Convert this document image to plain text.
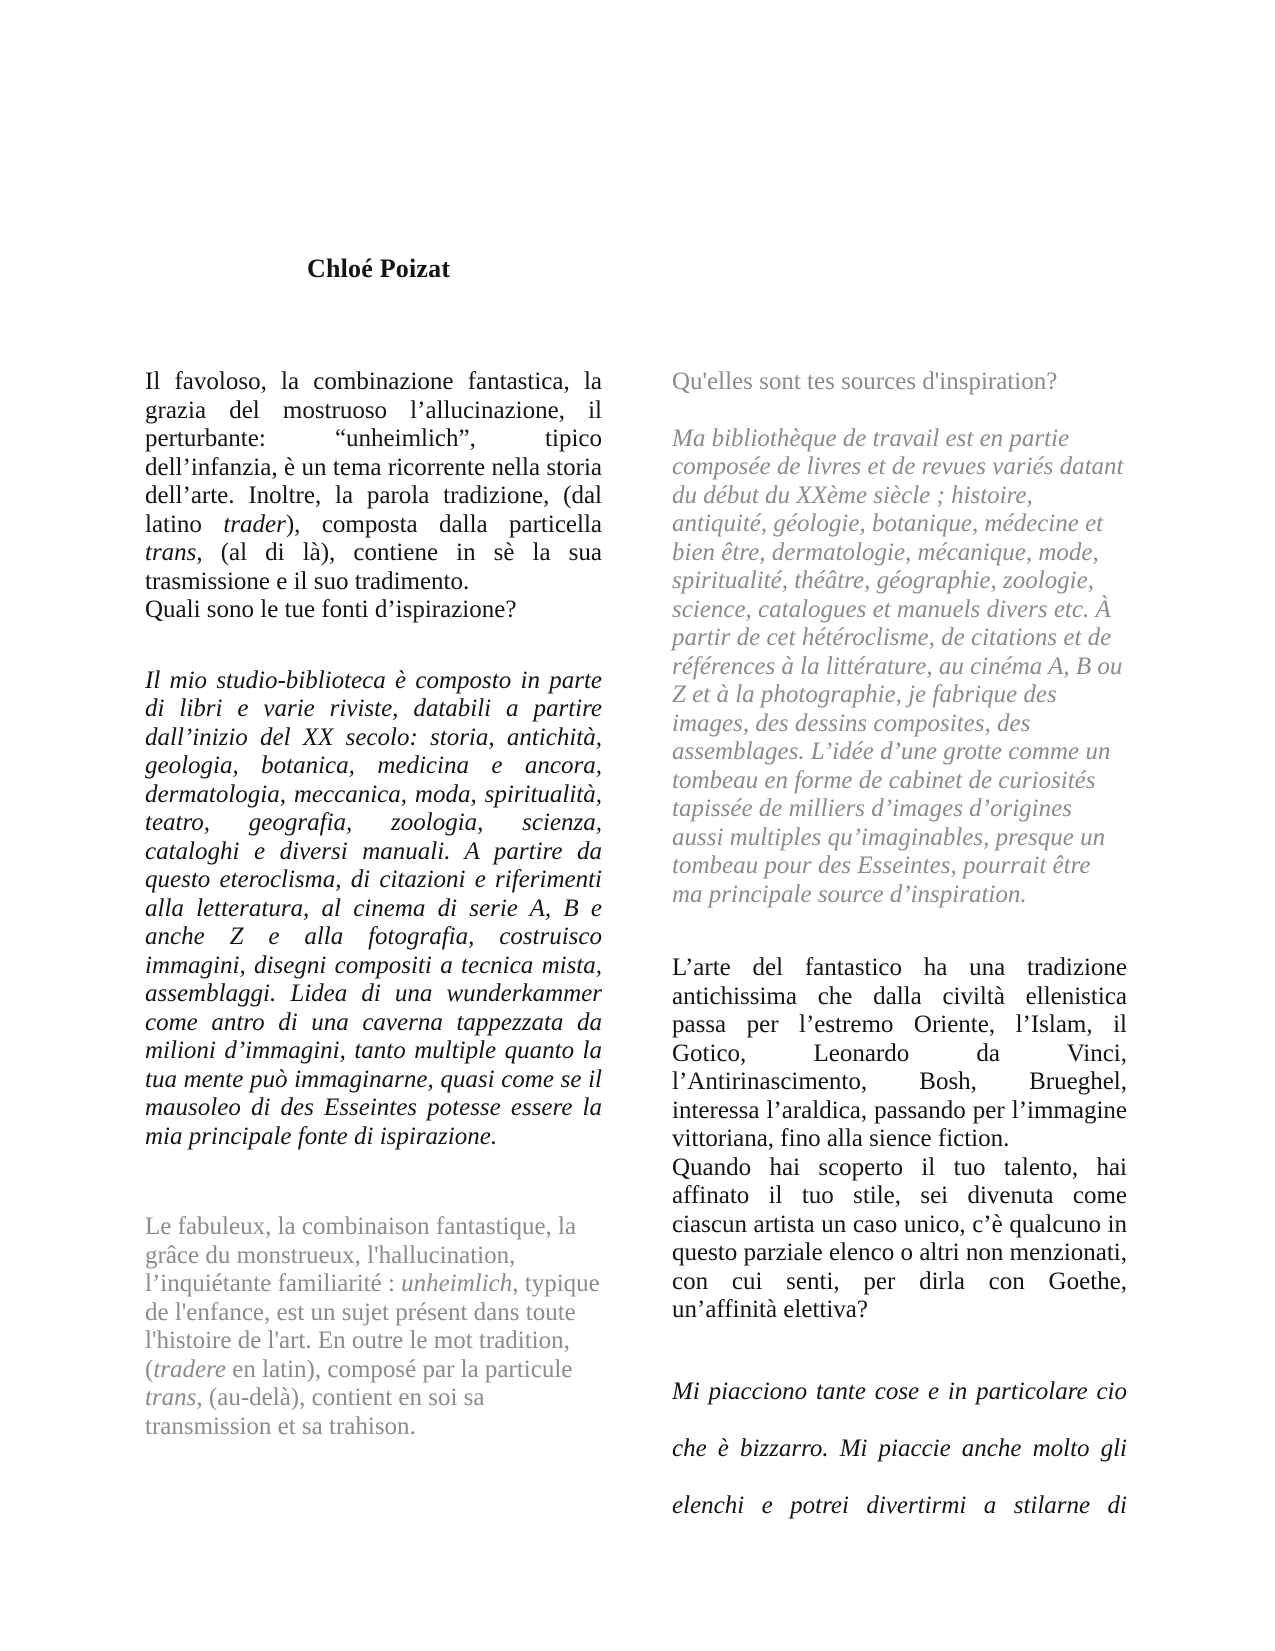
Chloé Poizat

Il favoloso, la combinazione fantastica, la grazia del mostruoso l’allucinazione, il perturbante: “unheimlich”, tipico dell’infanzia, è un tema ricorrente nella storia dell’arte. Inoltre, la parola tradizione, (dal latino trader), composta dalla particella trans, (al di là), contiene in sè la sua trasmissione e il suo tradimento.

Quali sono le tue fonti d’ispirazione?

Il mio studio-biblioteca è composto in parte di libri e varie riviste, databili a partire dall’inizio del XX secolo: storia, antichità, geologia, botanica, medicina e ancora, dermatologia, meccanica, moda, spiritualità, teatro, geografia, zoologia, scienza, cataloghi e diversi manuali. A partire da questo eteroclisma, di citazioni e riferimenti alla letteratura, al cinema di serie A, B e anche Z e alla fotografia, costruisco immagini, disegni compositi a tecnica mista, assemblaggi. Lidea di una wunderkammer come antro di una caverna tappezzata da milioni d’immagini, tanto multiple quanto la tua mente può immaginarne, quasi come se il mausoleo di des Esseintes potesse essere la mia principale fonte di ispirazione.

Le fabuleux, la combinaison fantastique, la grâce du monstrueux, l'hallucination, l’inquiétante familiarité : unheimlich, typique de l'enfance, est un sujet présent dans toute l'histoire de l'art. En outre le mot tradition, (tradere en latin), composé par la particule trans, (au-delà), contient en soi sa transmission et sa trahison.

Qu'elles sont tes sources d'inspiration?

Ma bibliothèque de travail est en partie composée de livres et de revues variés datant du début du XXème siècle ; histoire, antiquité, géologie, botanique, médecine et bien être, dermatologie, mécanique, mode, spiritualité, théâtre, géographie, zoologie, science, catalogues et manuels divers etc. À partir de cet hétéroclisme, de citations et de références à la littérature, au cinéma A, B ou Z et à la photographie, je fabrique des images, des dessins composites, des assemblages. L’idée d’une grotte comme un tombeau en forme de cabinet de curiosités tapissée de milliers d’images d’origines aussi multiples qu’imaginables, presque un tombeau pour des Esseintes, pourrait être ma principale source d’inspiration.

L’arte del fantastico ha una tradizione antichissima che dalla civiltà ellenistica passa per l’estremo Oriente, l’Islam, il Gotico, Leonardo da Vinci, l’Antirinascimento, Bosh, Brueghel, interessa l’araldica, passando per l’immagine vittoriana, fino alla sience fiction.

Quando hai scoperto il tuo talento, hai affinato il tuo stile, sei divenuta come ciascun artista un caso unico, c’è qualcuno in questo parziale elenco o altri non menzionati, con cui senti, per dirla con Goethe, un’affinità elettiva?

Mi piacciono tante cose e in particolare cio che è bizzarro. Mi piaccie anche molto gli elenchi e potrei divertirmi a stilarne di
